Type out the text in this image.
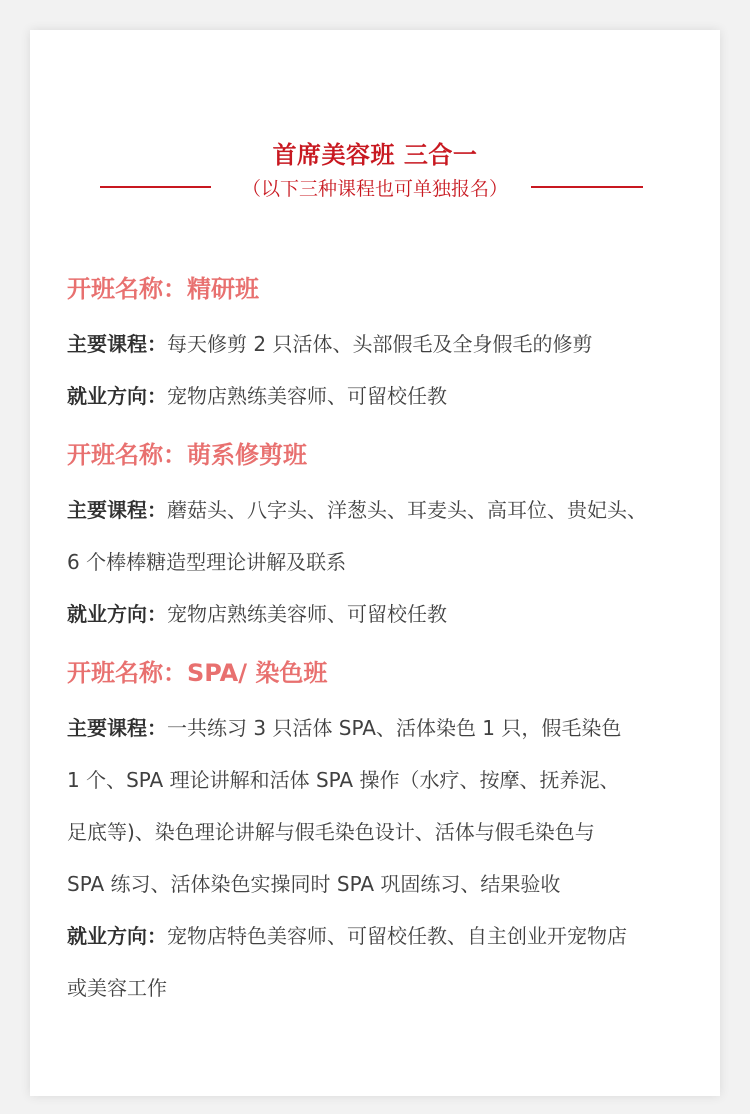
首席美容班 三合一
（以下三种课程也可单独报名）
开班名称：精研班

主要课程：每天修剪 2 只活体、头部假毛及全身假毛的修剪

就业方向：宠物店熟练美容师、可留校任教

开班名称：萌系修剪班

主要课程：蘑菇头、八字头、洋葱头、耳麦头、高耳位、贵妃头、

6 个棒棒糖造型理论讲解及联系

就业方向：宠物店熟练美容师、可留校任教

开班名称：SPA/ 染色班

主要课程：一共练习 3 只活体 SPA、活体染色 1 只，假毛染色

1 个、SPA 理论讲解和活体 SPA 操作（水疗、按摩、抚养泥、

足底等)、染色理论讲解与假毛染色设计、活体与假毛染色与

SPA 练习、活体染色实操同时 SPA 巩固练习、结果验收

就业方向：宠物店特色美容师、可留校任教、自主创业开宠物店

或美容工作
